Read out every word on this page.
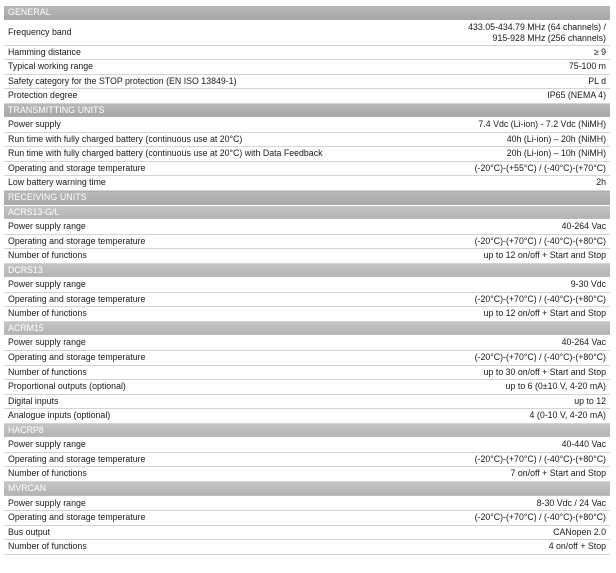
GENERAL	
Frequency band	433.05-434.79 MHz (64 channels) /
915-928 MHz (256 channels)

Hamming distance	≥ 9
Typical working range	75-100 m
Safety category for the STOP protection (EN ISO 13849-1)	PL d
Protection degree	IP65 (NEMA 4)
TRANSMITTING UNITS	
Power supply	7.4 Vdc (Li-ion) - 7.2 Vdc (NiMH)
Run time with fully charged battery (continuous use at 20°C)	40h (Li-ion) – 20h (NiMH)
Run time with fully charged battery (continuous use at 20°C) with Data Feedback	20h (Li-ion) – 10h (NiMH)
Operating and storage temperature	(-20°C)-(+55°C) / (-40°C)-(+70°C)
Low battery warning time	2h
RECEIVING UNITS	
ACRS13-G/L	
Power supply range	40-264 Vac
Operating and storage temperature	(-20°C)-(+70°C) / (-40°C)-(+80°C)
Number of functions	up to 12 on/off + Start and Stop
DCRS13	
Power supply range	9-30 Vdc
Operating and storage temperature	(-20°C)-(+70°C) / (-40°C)-(+80°C)
Number of functions	up to 12 on/off + Start and Stop
ACRM15	
Power supply range	40-264 Vac
Operating and storage temperature	(-20°C)-(+70°C) / (-40°C)-(+80°C)
Number of functions	up to 30 on/off + Start and Stop
Proportional outputs (optional)	up to 6 (0±10 V, 4-20 mA)
Digital inputs	up to 12
Analogue inputs (optional)	4 (0-10 V, 4-20 mA)
HACRP8	
Power supply range	40-440 Vac
Operating and storage temperature	(-20°C)-(+70°C) / (-40°C)-(+80°C)
Number of functions	7 on/off + Start and Stop
MVRCAN	
Power supply range	8-30 Vdc / 24 Vac
Operating and storage temperature	(-20°C)-(+70°C) / (-40°C)-(+80°C)
Bus output	CANopen 2.0
Number of functions	4 on/off + Stop
